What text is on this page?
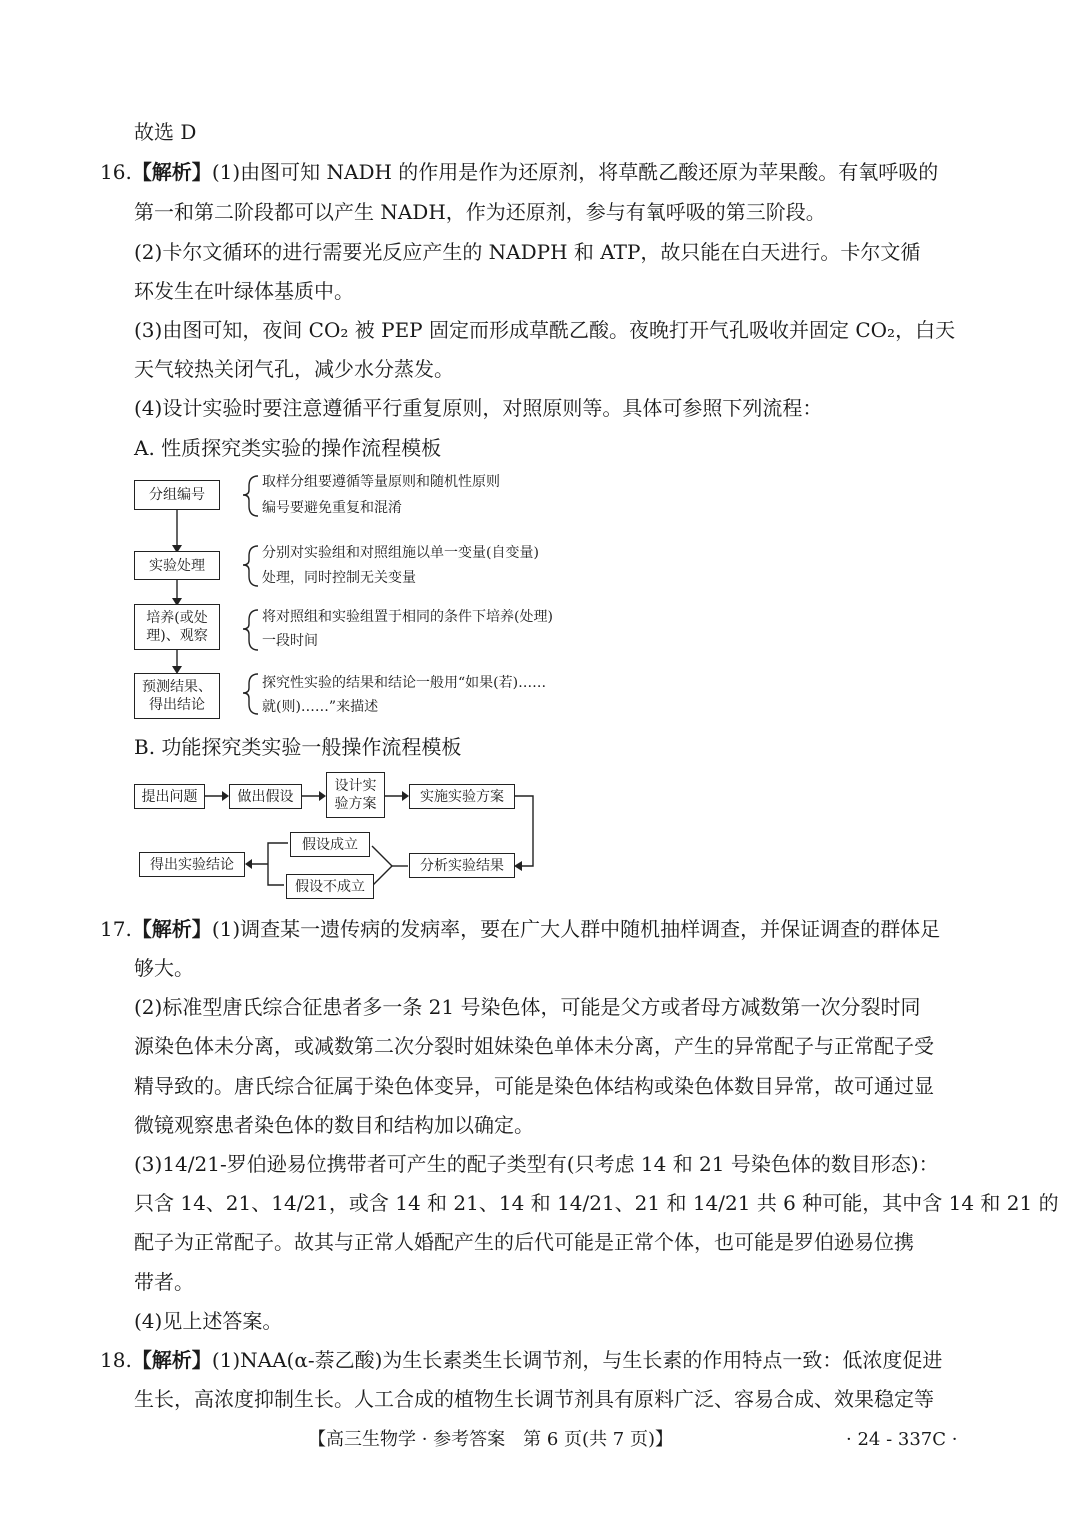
故选 D
16.【解析】(1)由图可知 NADH 的作用是作为还原剂，将草酰乙酸还原为苹果酸。有氧呼吸的
第一和第二阶段都可以产生 NADH，作为还原剂，参与有氧呼吸的第三阶段。
(2)卡尔文循环的进行需要光反应产生的 NADPH 和 ATP，故只能在白天进行。卡尔文循
环发生在叶绿体基质中。
(3)由图可知，夜间 CO₂ 被 PEP 固定而形成草酰乙酸。夜晚打开气孔吸收并固定 CO₂，白天
天气较热关闭气孔，减少水分蒸发。
(4)设计实验时要注意遵循平行重复原则，对照原则等。具体可参照下列流程：
A. 性质探究类实验的操作流程模板
分组编号
实验处理
培养(或处理)、观察
预测结果、得出结论
取样分组要遵循等量原则和随机性原则
编号要避免重复和混淆
分别对实验组和对照组施以单一变量(自变量)
处理，同时控制无关变量
将对照组和实验组置于相同的条件下培养(处理)
一段时间
探究性实验的结果和结论一般用“如果(若)……
就(则)……”来描述
B. 功能探究类实验一般操作流程模板
提出问题	做出假设
设计实验方案	实施实验方案
假设成立
假设不成立
分析实验结果
得出实验结论
17.【解析】(1)调查某一遗传病的发病率，要在广大人群中随机抽样调查，并保证调查的群体足
够大。
(2)标准型唐氏综合征患者多一条 21 号染色体，可能是父方或者母方减数第一次分裂时同
源染色体未分离，或减数第二次分裂时姐妹染色单体未分离，产生的异常配子与正常配子受
精导致的。唐氏综合征属于染色体变异，可能是染色体结构或染色体数目异常，故可通过显
微镜观察患者染色体的数目和结构加以确定。
(3)14/21-罗伯逊易位携带者可产生的配子类型有(只考虑 14 和 21 号染色体的数目形态)：
只含 14、21、14/21，或含 14 和 21、14 和 14/21、21 和 14/21 共 6 种可能，其中含 14 和 21 的
配子为正常配子。故其与正常人婚配产生的后代可能是正常个体，也可能是罗伯逊易位携
带者。
(4)见上述答案。
18.【解析】(1)NAA(α-萘乙酸)为生长素类生长调节剂，与生长素的作用特点一致：低浓度促进
生长，高浓度抑制生长。人工合成的植物生长调节剂具有原料广泛、容易合成、效果稳定等
【高三生物学 · 参考答案　第 6 页(共 7 页)】	· 24 - 337C ·
